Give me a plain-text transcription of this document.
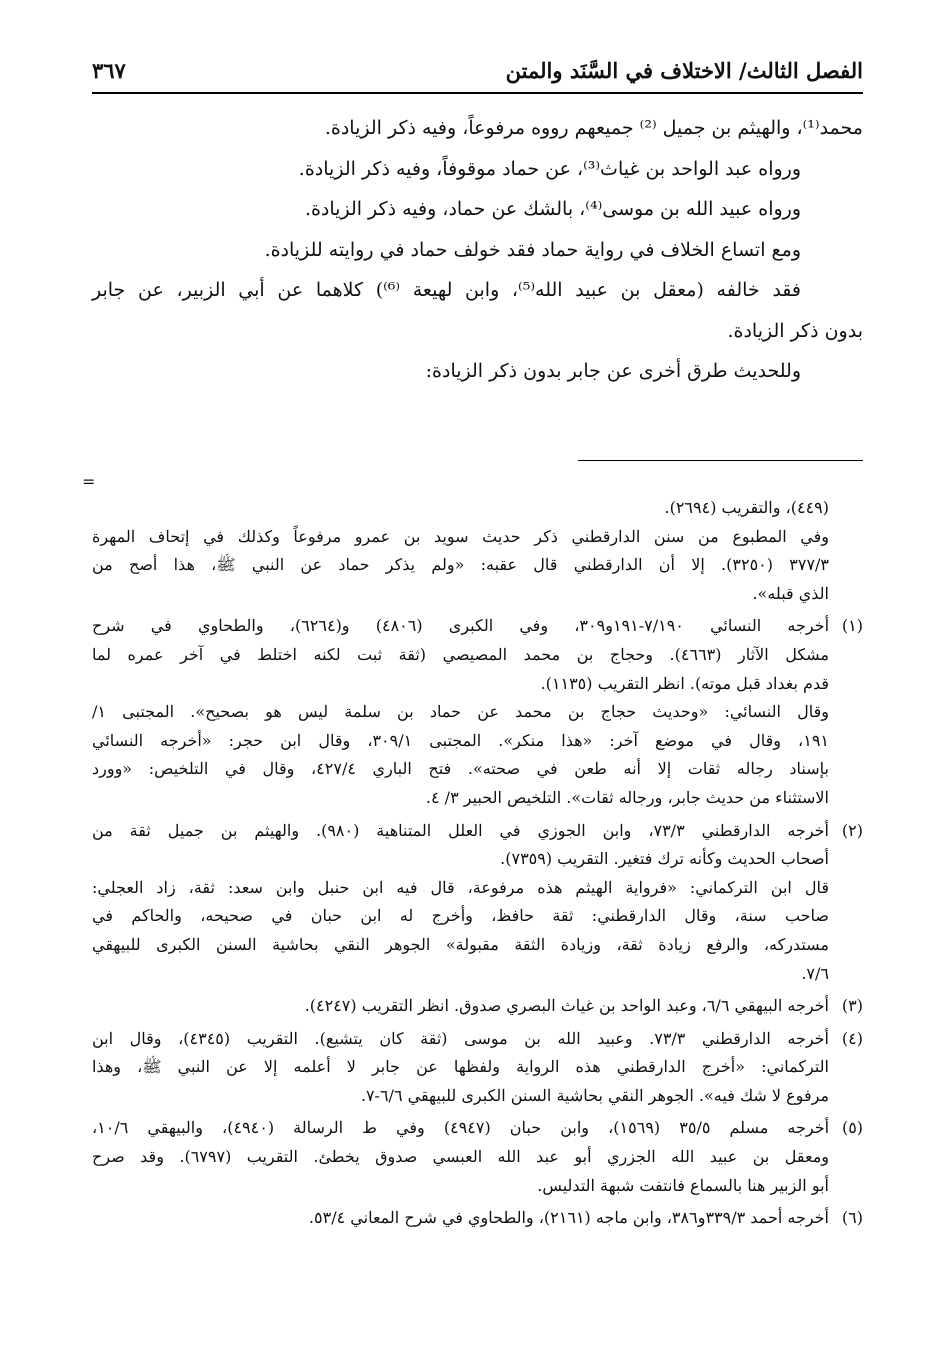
الفصل الثالث/ الاختلاف في السَّنَد والمتن
٣٦٧

محمد⁽¹⁾، والهيثم بن جميل ⁽²⁾ جميعهم رووه مرفوعاً، وفيه ذكر الزيادة.

ورواه عبد الواحد بن غياث⁽³⁾، عن حماد موقوفاً، وفيه ذكر الزيادة.

ورواه عبيد الله بن موسى⁽⁴⁾، بالشك عن حماد، وفيه ذكر الزيادة.

ومع اتساع الخلاف في رواية حماد فقد خولف حماد في روايته للزيادة.

فقد خالفه (معقل بن عبيد الله⁽⁵⁾، وابن لهيعة ⁽⁶⁾) كلاهما عن أبي الزبير، عن جابر

بدون ذكر الزيادة.

وللحديث طرق أخرى عن جابر بدون ذكر الزيادة:

=

(٤٤٩)، والتقريب (٢٦٩٤).

وفي المطبوع من سنن الدارقطني ذكر حديث سويد بن عمرو مرفوعاً وكذلك في إتحاف المهرة

٣٧٧/٣ (٣٢٥٠). إلا أن الدارقطني قال عقبه: «ولم يذكر حماد عن النبي ﷺ، هذا أصح من

الذي قبله».

(١)أخرجه النسائي ٧/١٩٠-١٩١و٣٠٩، وفي الكبرى (٤٨٠٦) و(٦٢٦٤)، والطحاوي في شرح

مشكل الآثار (٤٦٦٣). وحجاج بن محمد المصيصي (ثقة ثبت لكنه اختلط في آخر عمره لما

قدم بغداد قبل موته). انظر التقريب (١١٣٥).

وقال النسائي: «وحديث حجاج بن محمد عن حماد بن سلمة ليس هو بصحيح». المجتبى ١/

١٩١، وقال في موضع آخر: «هذا منكر». المجتبى ٣٠٩/١، وقال ابن حجر: «أخرجه النسائي

بإسناد رجاله ثقات إلا أنه طعن في صحته». فتح الباري ٤٢٧/٤، وقال في التلخيص: «وورد

الاستثناء من حديث جابر، ورجاله ثقات». التلخيص الحبير ٣/ ٤.

(٢)أخرجه الدارقطني ٧٣/٣، وابن الجوزي في العلل المتناهية (٩٨٠). والهيثم بن جميل ثقة من

أصحاب الحديث وكأنه ترك فتغير. التقريب (٧٣٥٩).

قال ابن التركماني: «فرواية الهيثم هذه مرفوعة، قال فيه ابن حنبل وابن سعد: ثقة، زاد العجلي:

صاحب سنة، وقال الدارقطني: ثقة حافظ، وأخرج له ابن حبان في صحيحه، والحاكم في

مستدركه، والرفع زيادة ثقة، وزيادة الثقة مقبولة» الجوهر النقي بحاشية السنن الكبرى للبيهقي

٧/٦.

(٣)أخرجه البيهقي ٦/٦، وعبد الواحد بن غياث البصري صدوق. انظر التقريب (٤٢٤٧).

(٤)أخرجه الدارقطني ٧٣/٣. وعبيد الله بن موسى (ثقة كان يتشيع). التقريب (٤٣٤٥)، وقال ابن

التركماني: «أخرج الدارقطني هذه الرواية ولفظها عن جابر لا أعلمه إلا عن النبي ﷺ، وهذا

مرفوع لا شك فيه». الجوهر النقي بحاشية السنن الكبرى للبيهقي ٦/٦-٧.

(٥)أخرجه مسلم ٣٥/٥ (١٥٦٩)، وابن حبان (٤٩٤٧) وفي ط الرسالة (٤٩٤٠)، والبيهقي ١٠/٦،

ومعقل بن عبيد الله الجزري أبو عبد الله العبسي صدوق يخطئ. التقريب (٦٧٩٧). وقد صرح

أبو الزبير هنا بالسماع فانتفت شبهة التدليس.

(٦)أخرجه أحمد ٣٣٩/٣و٣٨٦، وابن ماجه (٢١٦١)، والطحاوي في شرح المعاني ٥٣/٤.
